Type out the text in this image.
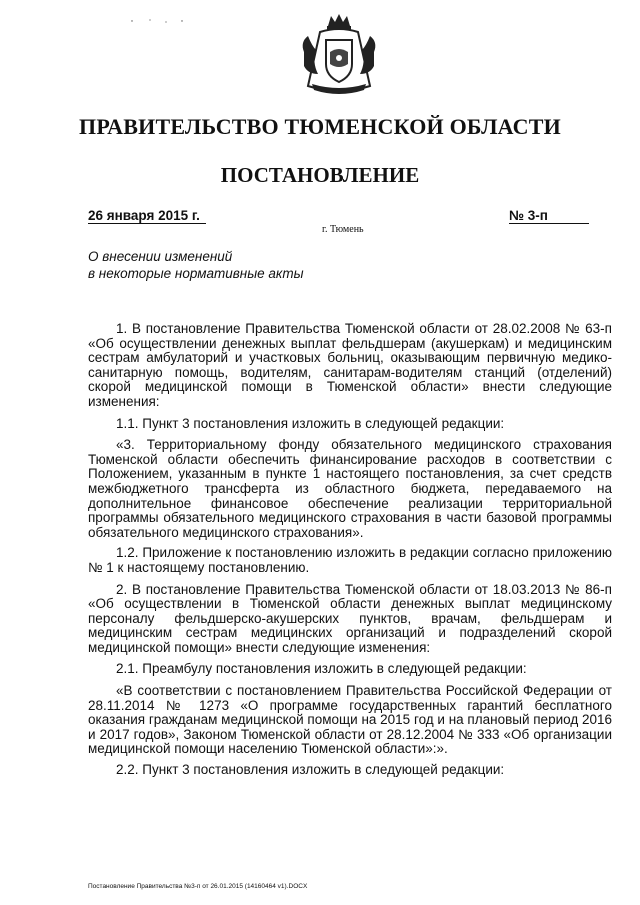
ПРАВИТЕЛЬСТВО ТЮМЕНСКОЙ ОБЛАСТИ
ПОСТАНОВЛЕНИЕ
26 января 2015 г.	№ 3-п
г. Тюмень
О внесении изменений
в некоторые нормативные акты

1. В постановление Правительства Тюменской области от 28.02.2008 № 63-п «Об осуществлении денежных выплат фельдшерам (акушеркам) и медицинским сестрам амбулаторий и участковых больниц, оказывающим первичную медико-санитарную помощь, водителям, санитарам-водителям станций (отделений) скорой медицинской помощи в Тюменской области» внести следующие изменения:

1.1. Пункт 3 постановления изложить в следующей редакции:

«3. Территориальному фонду обязательного медицинского страхования Тюменской области обеспечить финансирование расходов в соответствии с Положением, указанным в пункте 1 настоящего постановления, за счет средств межбюджетного трансферта из областного бюджета, передаваемого на дополнительное финансовое обеспечение реализации территориальной программы обязательного медицинского страхования в части базовой программы обязательного медицинского страхования».

1.2. Приложение к постановлению изложить в редакции согласно приложению № 1 к настоящему постановлению.

2. В постановление Правительства Тюменской области от 18.03.2013 № 86-п «Об осуществлении в Тюменской области денежных выплат медицинскому персоналу фельдшерско-акушерских пунктов, врачам, фельдшерам и медицинским сестрам медицинских организаций и подразделений скорой медицинской помощи» внести следующие изменения:

2.1. Преамбулу постановления изложить в следующей редакции:

«В соответствии с постановлением Правительства Российской Федерации от 28.11.2014 № 1273 «О программе государственных гарантий бесплатного оказания гражданам медицинской помощи на 2015 год и на плановый период 2016 и 2017 годов», Законом Тюменской области от 28.12.2004 № 333 «Об организации медицинской помощи населению Тюменской области»:».

2.2. Пункт 3 постановления изложить в следующей редакции:

Постановление Правительства №3-п от 26.01.2015 (14160464 v1).DOCX
